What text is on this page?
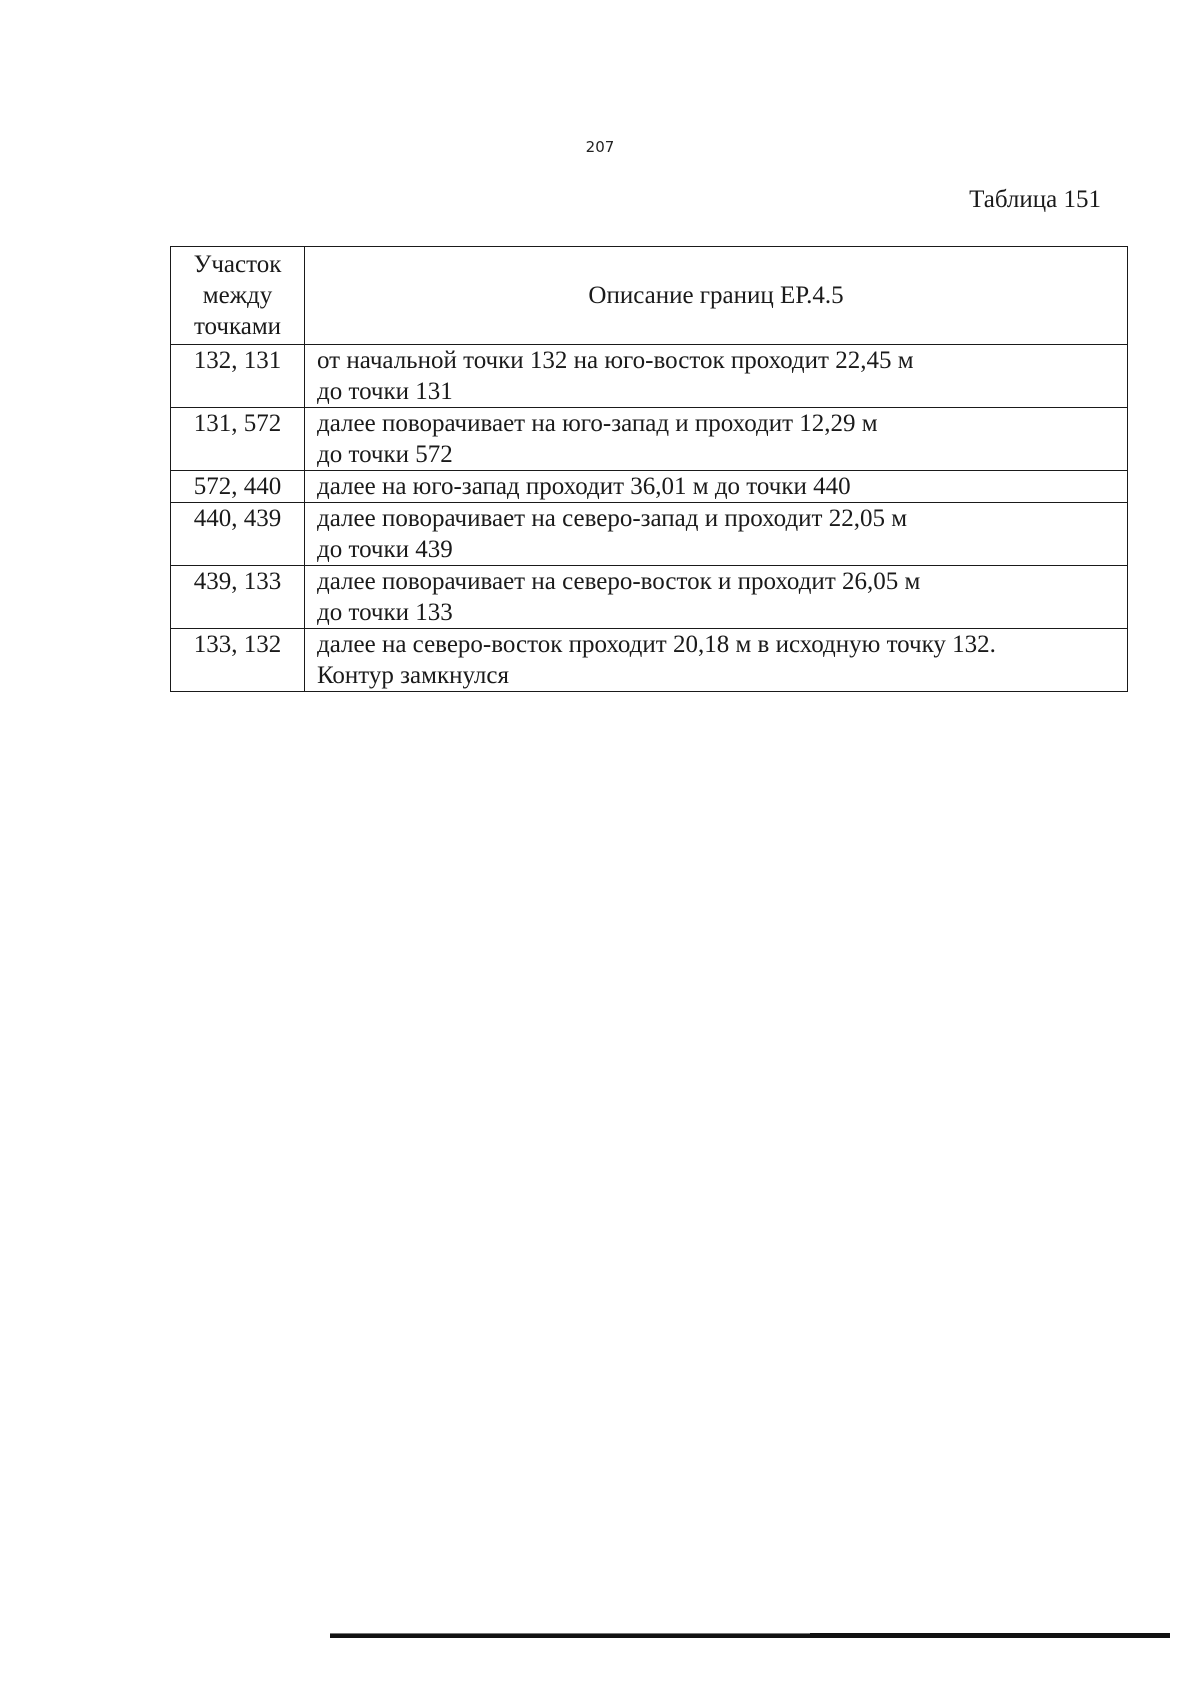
207
Таблица 151
Участок
между
точками	Описание границ ЕР.4.5
132, 131	от начальной точки 132 на юго-восток проходит 22,45 м
до точки 131

131, 572	далее поворачивает на юго-запад и проходит 12,29 м
до точки 572

572, 440	далее на юго-запад проходит 36,01 м до точки 440

440, 439	далее поворачивает на северо-запад и проходит 22,05 м
до точки 439

439, 133	далее поворачивает на северо-восток и проходит 26,05 м
до точки 133

133, 132	далее на северо-восток проходит 20,18 м в исходную точку 132.
Контур замкнулся
